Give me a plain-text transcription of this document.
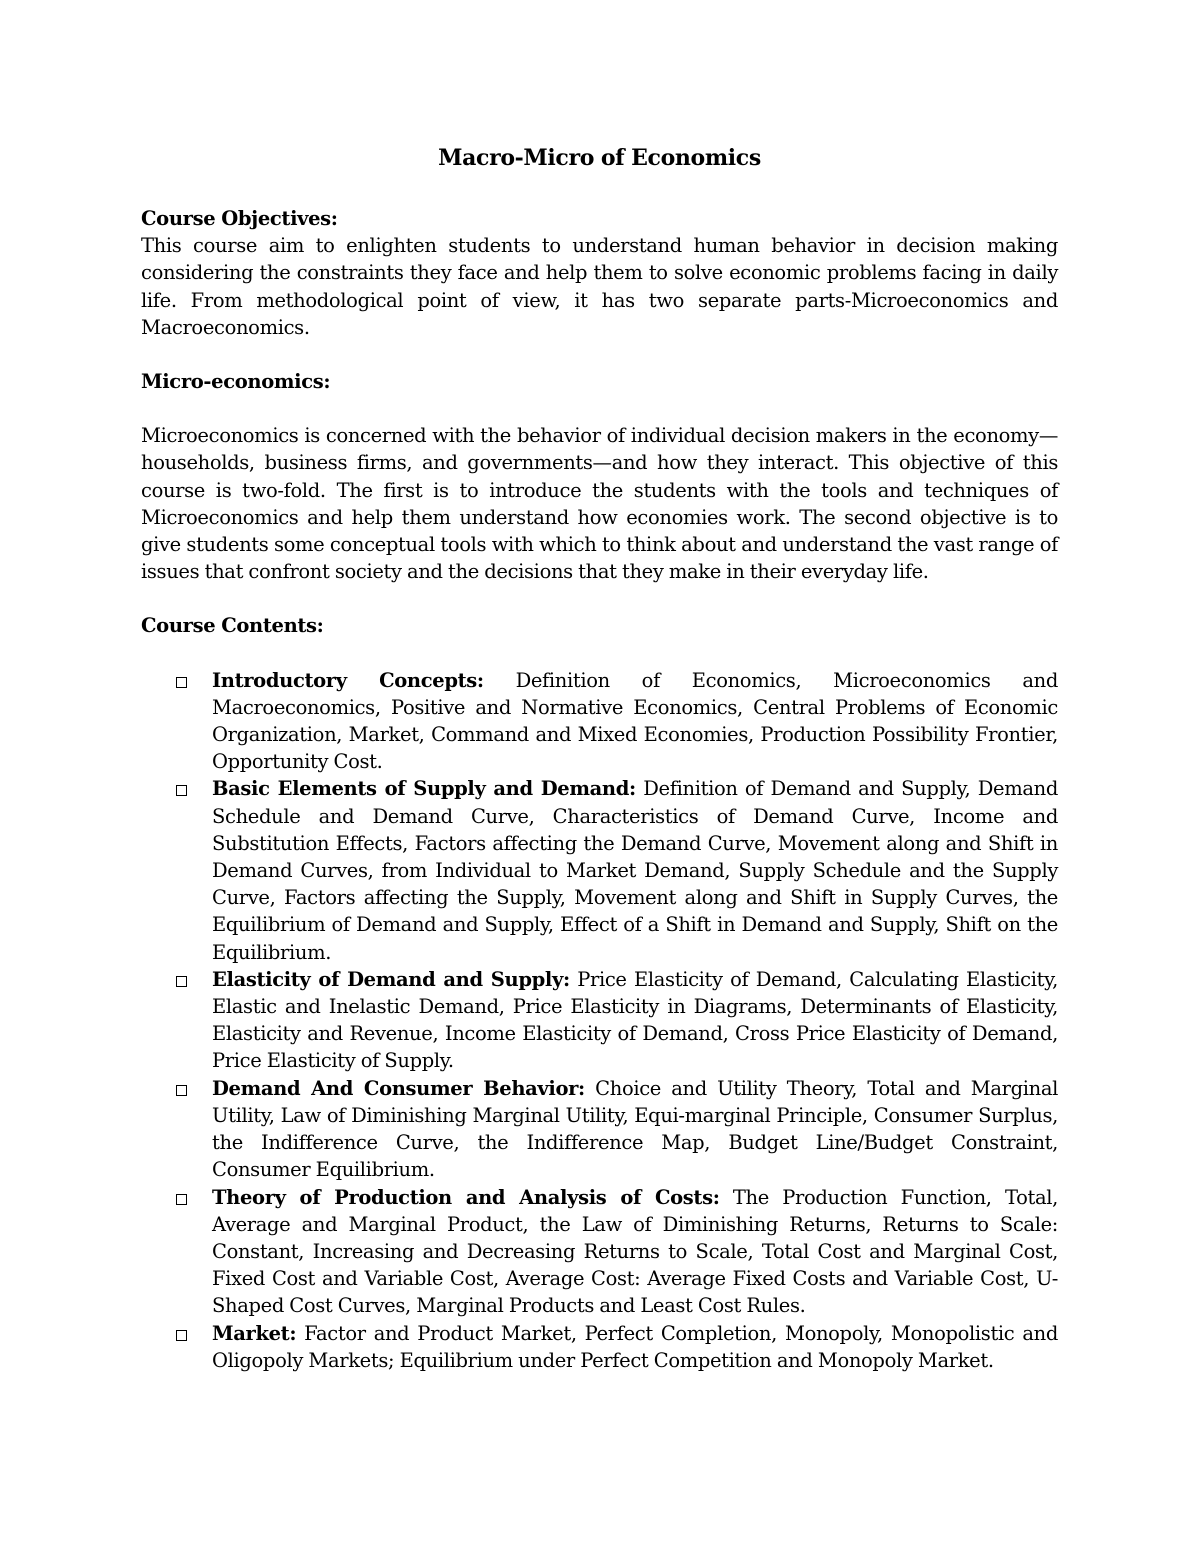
Macro-Micro of Economics

Course Objectives:

This course aim to enlighten students to understand human behavior in decision making considering the constraints they face and help them to solve economic problems facing in daily life. From methodological point of view, it has two separate parts-Microeconomics and Macroeconomics.

Micro-economics:

Microeconomics is concerned with the behavior of individual decision makers in the economy—households, business firms, and governments—and how they interact. This objective of this course is two-fold. The first is to introduce the students with the tools and techniques of Microeconomics and help them understand how economies work. The second objective is to give students some conceptual tools with which to think about and understand the vast range of issues that confront society and the decisions that they make in their everyday life.

Course Contents:

Introductory Concepts: Definition of Economics, Microeconomics and Macroeconomics, Positive and Normative Economics, Central Problems of Economic Organization, Market, Command and Mixed Economies, Production Possibility Frontier, Opportunity Cost.
Basic Elements of Supply and Demand: Definition of Demand and Supply, Demand Schedule and Demand Curve, Characteristics of Demand Curve, Income and Substitution Effects, Factors affecting the Demand Curve, Movement along and Shift in Demand Curves, from Individual to Market Demand, Supply Schedule and the Supply Curve, Factors affecting the Supply, Movement along and Shift in Supply Curves, the Equilibrium of Demand and Supply, Effect of a Shift in Demand and Supply, Shift on the Equilibrium.
Elasticity of Demand and Supply: Price Elasticity of Demand, Calculating Elasticity, Elastic and Inelastic Demand, Price Elasticity in Diagrams, Determinants of Elasticity, Elasticity and Revenue, Income Elasticity of Demand, Cross Price Elasticity of Demand, Price Elasticity of Supply.
Demand And Consumer Behavior: Choice and Utility Theory, Total and Marginal Utility, Law of Diminishing Marginal Utility, Equi-marginal Principle, Consumer Surplus, the Indifference Curve, the Indifference Map, Budget Line/Budget Constraint, Consumer Equilibrium.
Theory of Production and Analysis of Costs: The Production Function, Total, Average and Marginal Product, the Law of Diminishing Returns, Returns to Scale: Constant, Increasing and Decreasing Returns to Scale, Total Cost and Marginal Cost, Fixed Cost and Variable Cost, Average Cost: Average Fixed Costs and Variable Cost, U-Shaped Cost Curves, Marginal Products and Least Cost Rules.
Market: Factor and Product Market, Perfect Completion, Monopoly, Monopolistic and Oligopoly Markets; Equilibrium under Perfect Competition and Monopoly Market.
